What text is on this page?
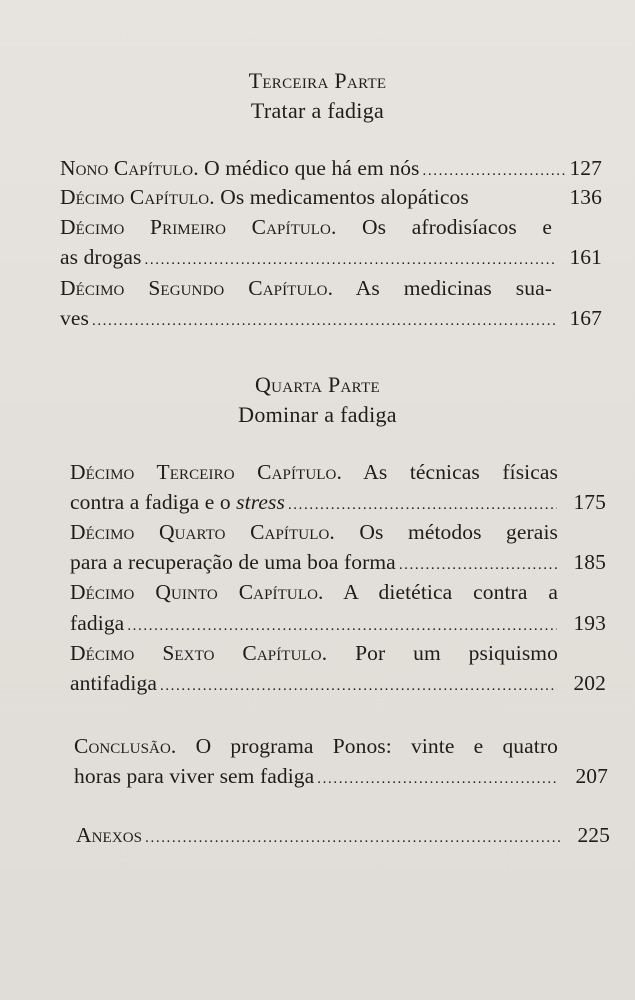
Terceira Parte
Tratar a fadiga
Nono Capítulo. O médico que há em nós .....	127
Décimo Capítulo. Os medicamentos alopáticos	136
Décimo Primeiro Capítulo. Os afrodisíacos e
as drogas .....	161
Décimo Segundo Capítulo. As medicinas sua-
ves .....	167
Quarta Parte
Dominar a fadiga
Décimo Terceiro Capítulo. As técnicas físicas
contra a fadiga e o stress .....	175
Décimo Quarto Capítulo. Os métodos gerais
para a recuperação de uma boa forma .....	185
Décimo Quinto Capítulo. A dietética contra a
fadiga .....	193
Décimo Sexto Capítulo. Por um psiquismo
antifadiga .....	202
Conclusão. O programa Ponos: vinte e quatro
horas para viver sem fadiga .....	207
Anexos .....	225
